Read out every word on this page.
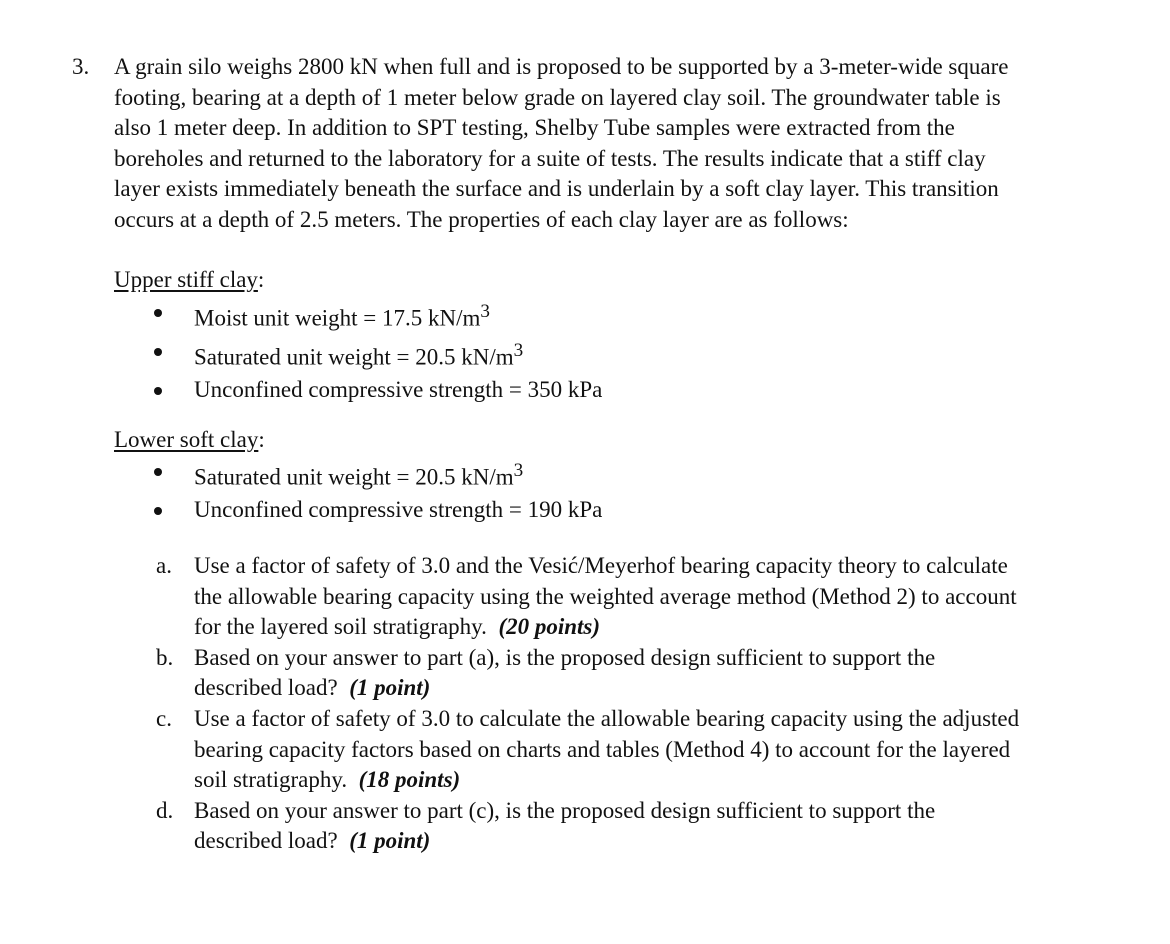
3. A grain silo weighs 2800 kN when full and is proposed to be supported by a 3-meter-wide square
footing, bearing at a depth of 1 meter below grade on layered clay soil. The groundwater table is
also 1 meter deep. In addition to SPT testing, Shelby Tube samples were extracted from the
boreholes and returned to the laboratory for a suite of tests. The results indicate that a stiff clay
layer exists immediately beneath the surface and is underlain by a soft clay layer. This transition
occurs at a depth of 2.5 meters. The properties of each clay layer are as follows:

Upper stiff clay:
Moist unit weight = 17.5 $kN/m^3$
Saturated unit weight = 20.5 $kN/m^3$
Unconfined compressive strength = 350 kPa
Lower soft clay:
Saturated unit weight = 20.5 $kN/m^3$
Unconfined compressive strength = 190 kPa
a. Use a factor of safety of 3.0 and the Vesić/Meyerhof bearing capacity theory to calculate
the allowable bearing capacity using the weighted average method (Method 2) to account
for the layered soil stratigraphy. (20 points)
b. Based on your answer to part (a), is the proposed design sufficient to support the
described load? (1 point)
c. Use a factor of safety of 3.0 to calculate the allowable bearing capacity using the adjusted
bearing capacity factors based on charts and tables (Method 4) to account for the layered
soil stratigraphy. (18 points)
d. Based on your answer to part (c), is the proposed design sufficient to support the
described load? (1 point)
